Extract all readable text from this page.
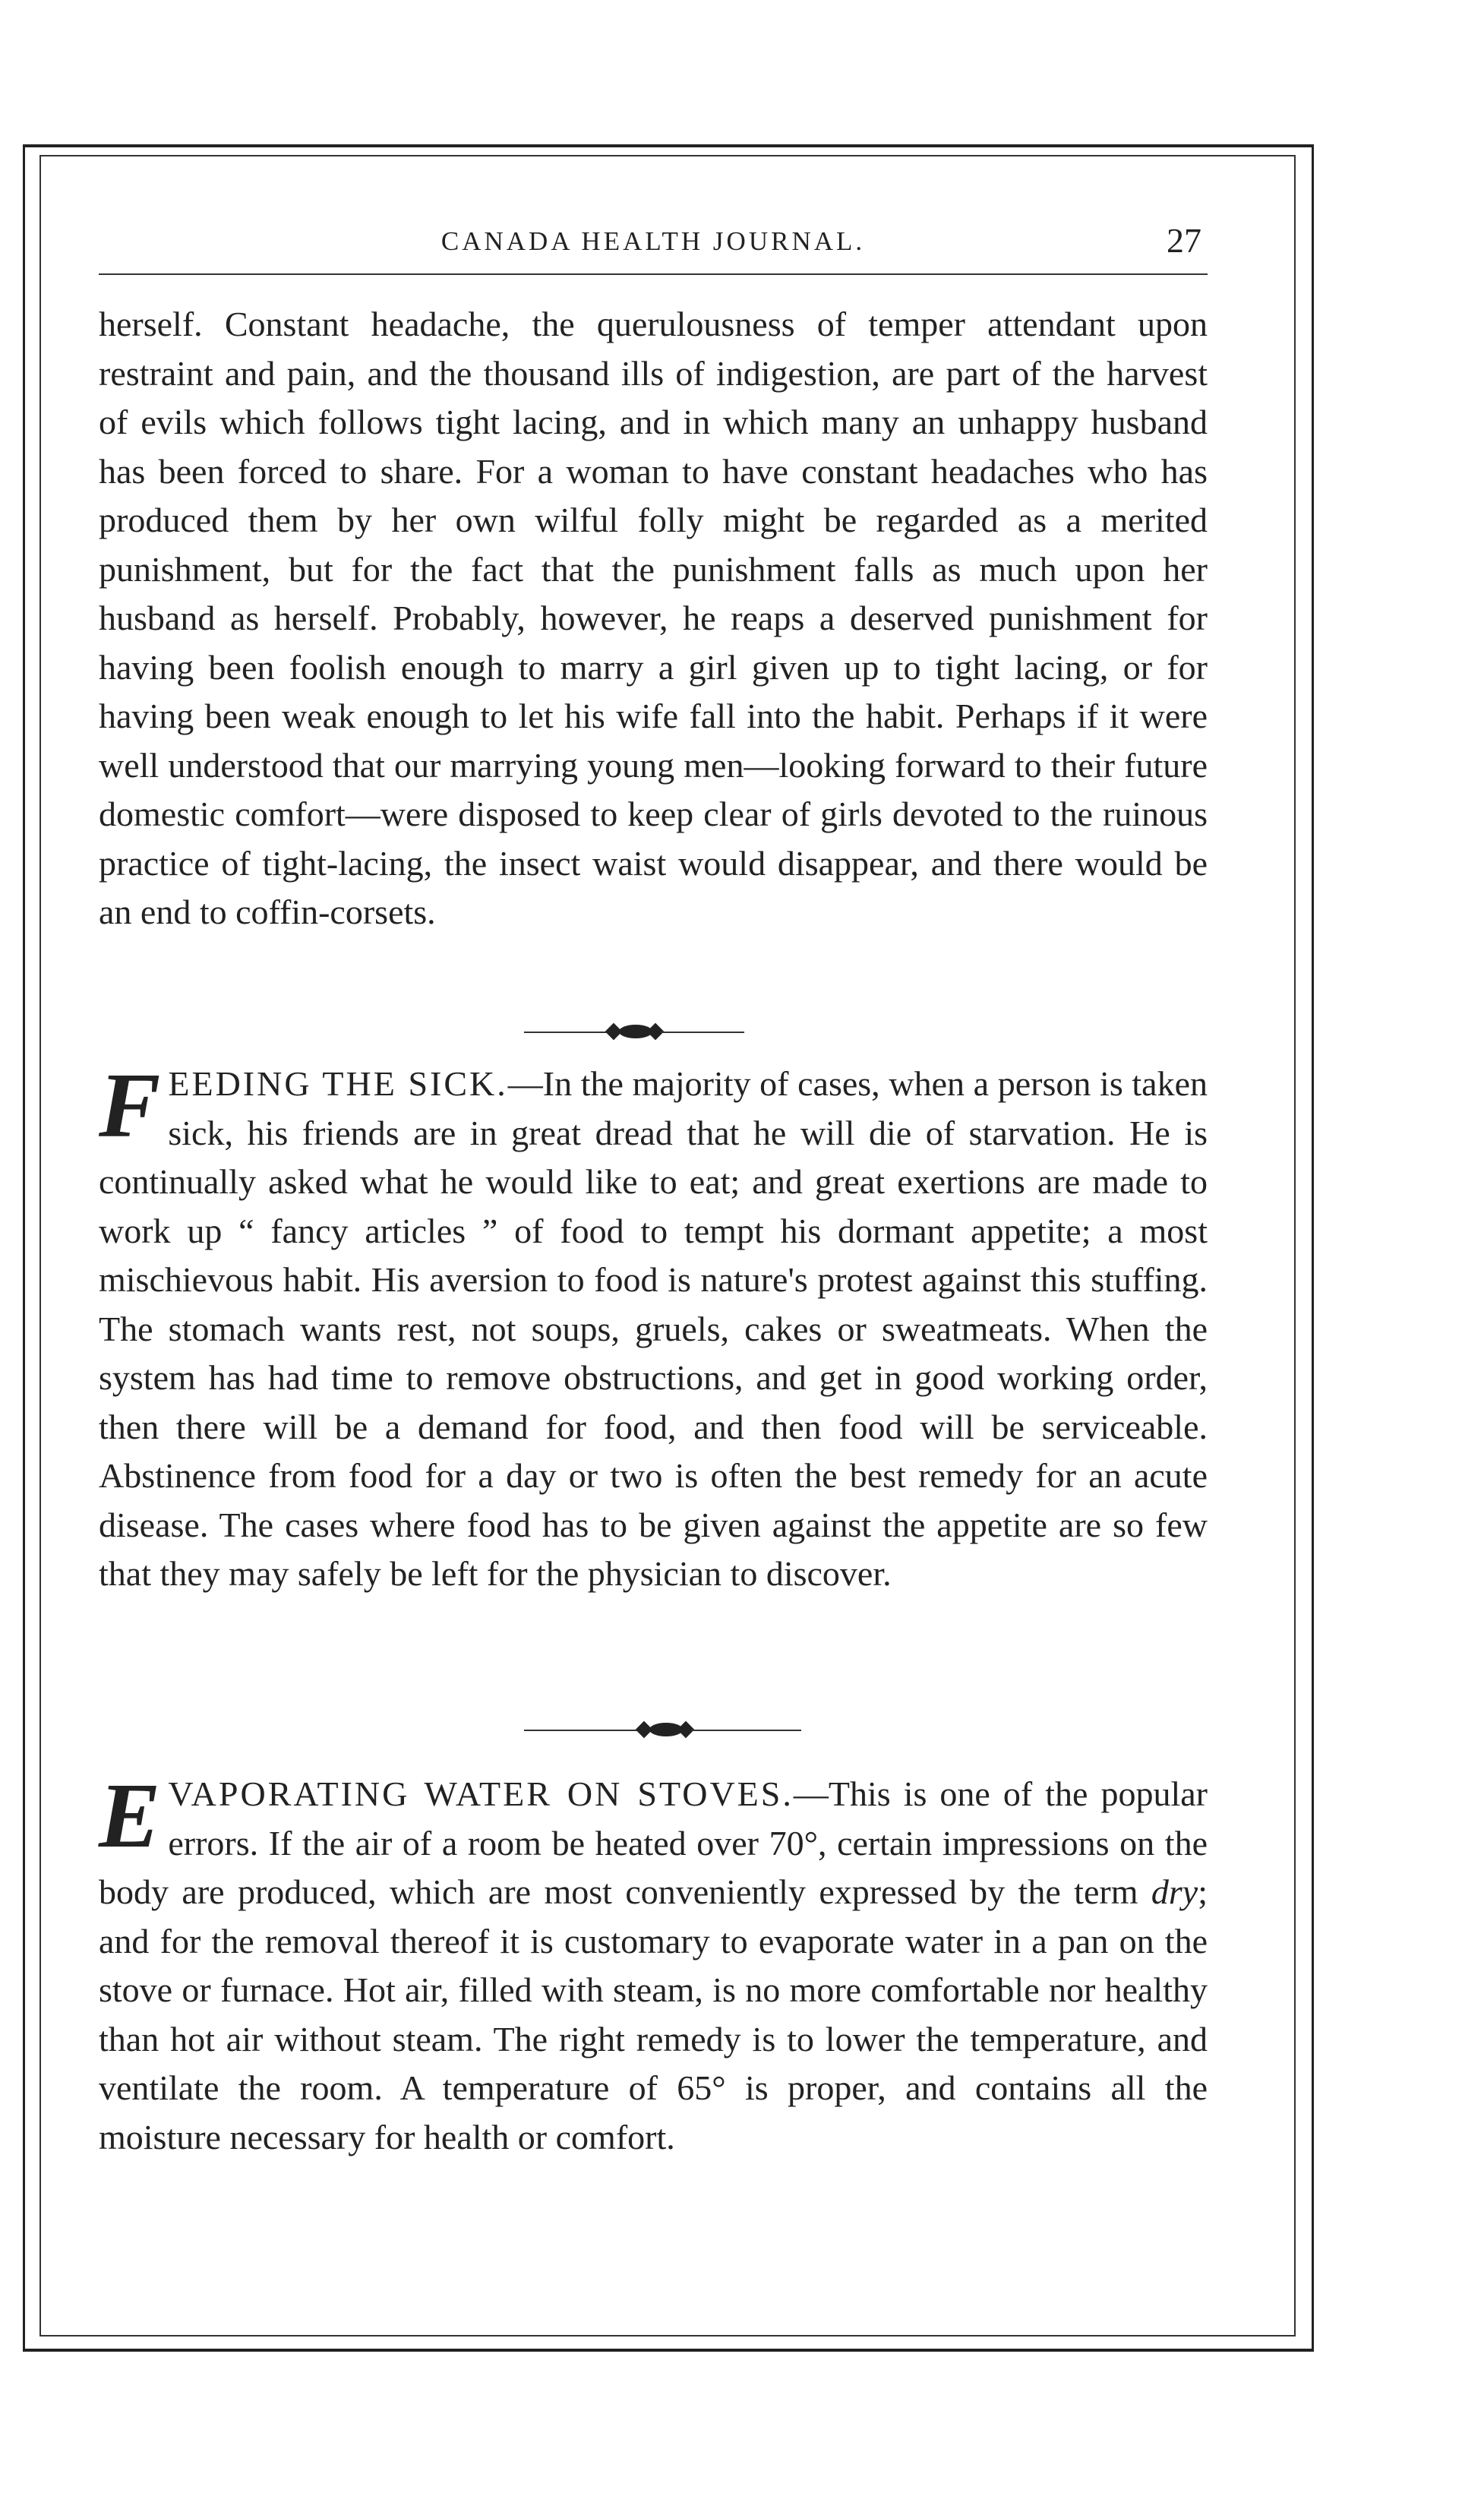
CANADA HEALTH JOURNAL.	27

herself. Constant headache, the querulousness of temper attendant upon restraint and pain, and the thousand ills of indigestion, are part of the harvest of evils which follows tight lacing, and in which many an unhappy husband has been forced to share. For a woman to have constant headaches who has produced them by her own wilful folly might be regarded as a merited punishment, but for the fact that the punishment falls as much upon her husband as herself. Probably, however, he reaps a deserved punishment for having been foolish enough to marry a girl given up to tight lacing, or for having been weak enough to let his wife fall into the habit. Perhaps if it were well understood that our marrying young men—looking forward to their future domestic comfort—were disposed to keep clear of girls devoted to the ruinous practice of tight-lacing, the insect waist would disappear, and there would be an end to coffin-corsets.

FEEDING THE SICK.—In the majority of cases, when a person is taken sick, his friends are in great dread that he will die of starvation. He is continually asked what he would like to eat; and great exertions are made to work up “ fancy articles ” of food to tempt his dormant appetite; a most mischievous habit. His aversion to food is nature's protest against this stuffing. The stomach wants rest, not soups, gruels, cakes or sweatmeats. When the system has had time to remove obstructions, and get in good working order, then there will be a demand for food, and then food will be serviceable. Abstinence from food for a day or two is often the best remedy for an acute disease. The cases where food has to be given against the appetite are so few that they may safely be left for the physician to discover.

EVAPORATING WATER ON STOVES.—This is one of the popular errors. If the air of a room be heated over 70°, certain impressions on the body are produced, which are most conveniently expressed by the term dry; and for the removal thereof it is customary to evaporate water in a pan on the stove or furnace. Hot air, filled with steam, is no more comfortable nor healthy than hot air without steam. The right remedy is to lower the temperature, and ventilate the room. A temperature of 65° is proper, and contains all the moisture necessary for health or comfort.
